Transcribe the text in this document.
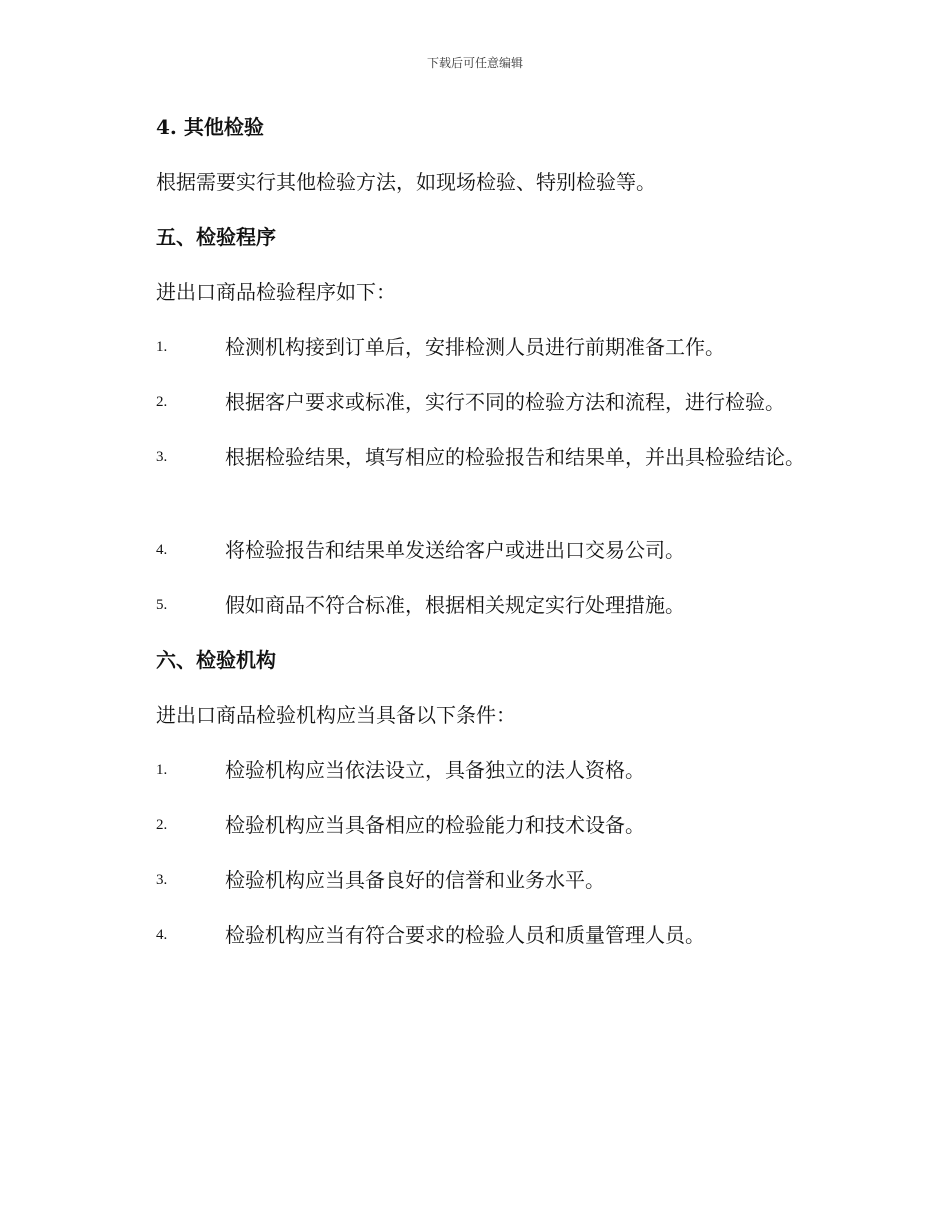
下载后可任意编辑
4. 其他检验

根据需要实行其他检验方法，如现场检验、特别检验等。

五、检验程序

进出口商品检验程序如下：

1.	检测机构接到订单后，安排检测人员进行前期准备工作。
2.	根据客户要求或标准，实行不同的检验方法和流程，进行检验。
3.	根据检验结果，填写相应的检验报告和结果单，并出具检验结论。
4.	将检验报告和结果单发送给客户或进出口交易公司。
5.	假如商品不符合标准，根据相关规定实行处理措施。
六、检验机构

进出口商品检验机构应当具备以下条件：

1.	检验机构应当依法设立，具备独立的法人资格。
2.	检验机构应当具备相应的检验能力和技术设备。
3.	检验机构应当具备良好的信誉和业务水平。
4.	检验机构应当有符合要求的检验人员和质量管理人员。
